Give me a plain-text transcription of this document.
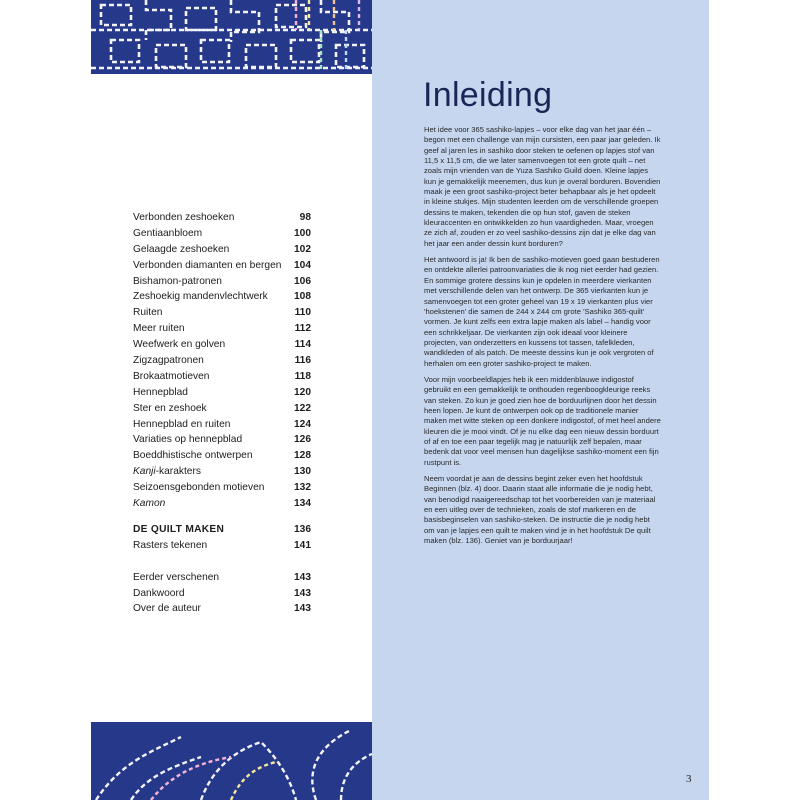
Verbonden zeshoeken	98
Gentiaanbloem	100
Gelaagde zeshoeken	102
Verbonden diamanten en bergen 104
Bishamon-patronen	106
Zeshoekig mandenvlechtwerk	108
Ruiten	110
Meer ruiten	112
Weefwerk en golven	114
Zigzagpatronen	116
Brokaatmotieven	118
Hennepblad	120
Ster en zeshoek	122
Hennepblad en ruiten	124
Variaties op hennepblad	126
Boeddhistische ontwerpen	128
Kanji-karakters	130
Seizoensgebonden motieven	132
Kamon	134
DE QUILT MAKEN	136
Rasters tekenen	141
Eerder verschenen	143
Dankwoord	143
Over de auteur	143
Inleiding

Het idee voor 365 sashiko-lapjes – voor elke dag van het jaar één – begon met een challenge van mijn cursisten, een paar jaar geleden. Ik geef al jaren les in sashiko door steken te oefenen op lapjes stof van 11,5 x 11,5 cm, die we later samenvoegen tot een grote quilt – net zoals mijn vrienden van de Yuza Sashiko Guild doen. Kleine lapjes kun je gemakkelijk meenemen, dus kun je overal borduren. Bovendien maak je een groot sashiko-project beter behapbaar als je het opdeelt in kleine stukjes. Mijn studenten leerden om de verschillende groepen dessins te maken, tekenden die op hun stof, gaven de steken kleuraccenten en ontwikkelden zo hun vaardigheden. Maar, vroegen ze zich af, zouden er zo veel sashiko-dessins zijn dat je elke dag van het jaar een ander dessin kunt borduren?

Het antwoord is ja! Ik ben de sashiko-motieven goed gaan bestuderen en ontdekte allerlei patroonvariaties die ik nog niet eerder had gezien. En sommige grotere dessins kun je opdelen in meerdere vierkanten met verschillende delen van het ontwerp. De 365 vierkanten kun je samenvoegen tot een groter geheel van 19 x 19 vierkanten plus vier 'hoekstenen' die samen de 244 x 244 cm grote 'Sashiko 365-quilt' vormen. Je kunt zelfs een extra lapje maken als label – handig voor een schrikkeljaar. De vierkanten zijn ook ideaal voor kleinere projecten, van onderzetters en kussens tot tassen, tafelkleden, wandkleden of als patch. De meeste dessins kun je ook vergroten of herhalen om een groter sashiko-project te maken.

Voor mijn voorbeeldlapjes heb ik een middenblauwe indigostof gebruikt en een gemakkelijk te onthouden regenboogkleurige reeks van steken. Zo kun je goed zien hoe de borduurlijnen door het dessin heen lopen. Je kunt de ontwerpen ook op de traditionele manier maken met witte steken op een donkere indigostof, of met heel andere kleuren die je mooi vindt. Of je nu elke dag een nieuw dessin borduurt of af en toe een paar tegelijk mag je natuurlijk zelf bepalen, maar bedenk dat voor veel mensen hun dagelijkse sashiko-moment een fijn rustpunt is.

Neem voordat je aan de dessins begint zeker even het hoofdstuk Beginnen (blz. 4) door. Daarin staat alle informatie die je nodig hebt, van benodigd naaigereedschap tot het voorbereiden van je materiaal en een uitleg over de technieken, zoals de stof markeren en de basisbeginselen van sashiko-steken. De instructie die je nodig hebt om van je lapjes een quilt te maken vind je in het hoofdstuk De quilt maken (blz. 136). Geniet van je borduurjaar!

3
